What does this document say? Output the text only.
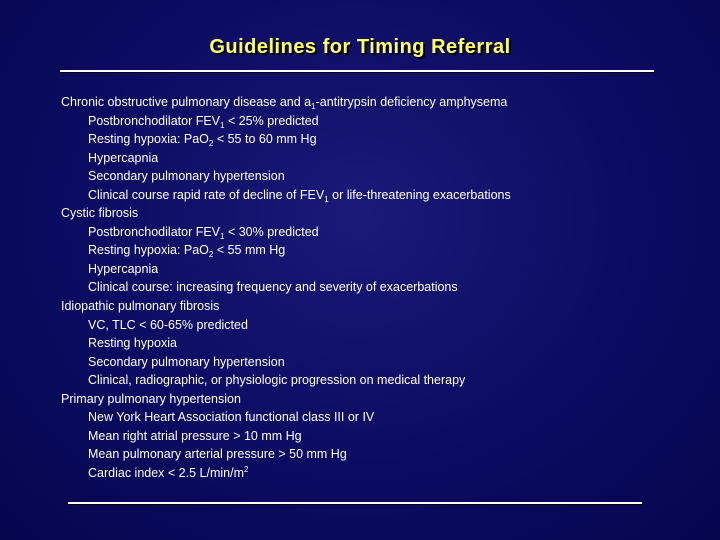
Guidelines for Timing Referral
Chronic obstructive pulmonary disease and $a_1$-antitrypsin deficiency amphysema
Postbronchodilator $FEV_1 < 25\%$ predicted
Resting hypoxia: PaO$_2$ < 55 to 60 mm Hg
Hypercapnia
Secondary pulmonary hypertension
Clinical course rapid rate of decline of $FEV_1$ or life-threatening exacerbations
Cystic fibrosis
Postbronchodilator $FEV_1 < 30\%$ predicted
Resting hypoxia: PaO$_2$ < 55 mm Hg
Hypercapnia
Clinical course: increasing frequency and severity of exacerbations
Idiopathic pulmonary fibrosis
VC, TLC < 60-65% predicted
Resting hypoxia
Secondary pulmonary hypertension
Clinical, radiographic, or physiologic progression on medical therapy
Primary pulmonary hypertension
New York Heart Association functional class III or IV
Mean right atrial pressure > 10 mm Hg
Mean pulmonary arterial pressure > 50 mm Hg
Cardiac index < 2.5 $L/\min/m^2$
